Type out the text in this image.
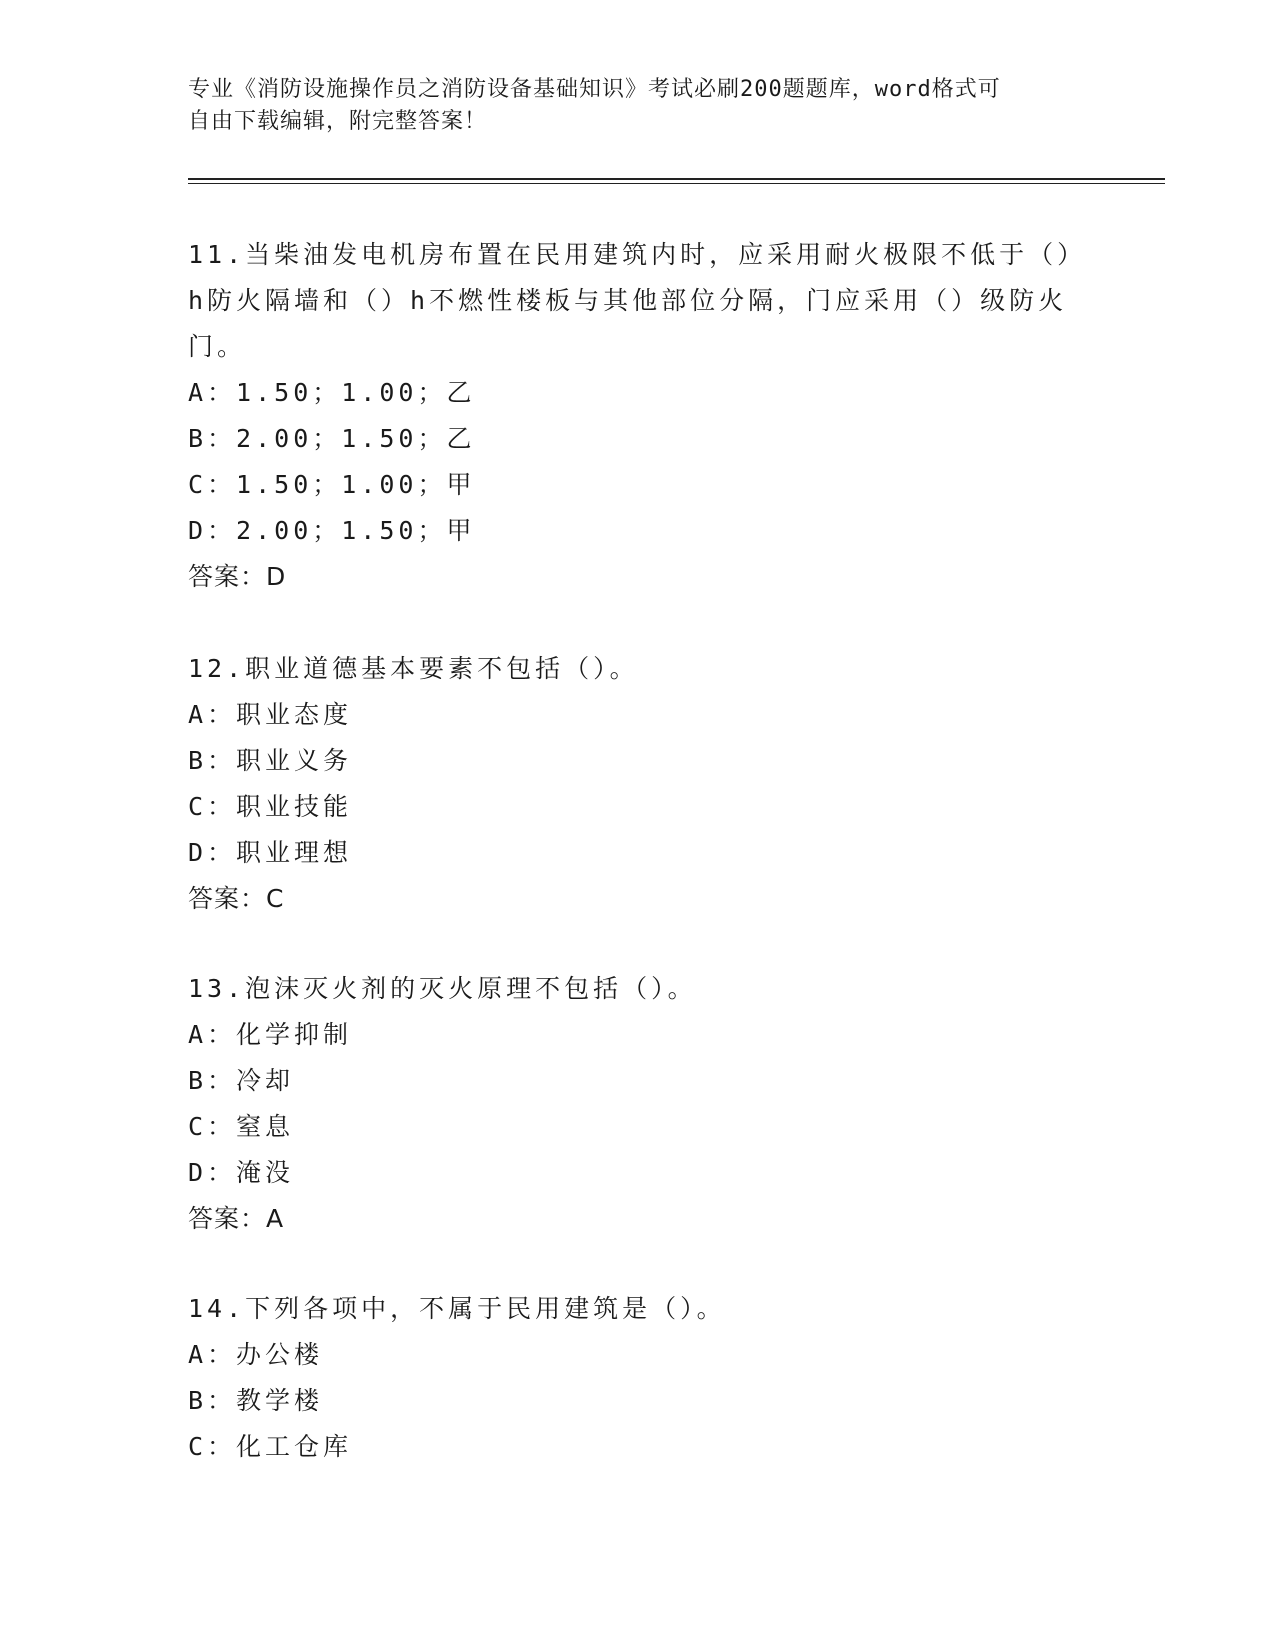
专业《消防设施操作员之消防设备基础知识》考试必刷200题题库，word格式可
自由下载编辑，附完整答案！
11.当柴油发电机房布置在民用建筑内时，应采用耐火极限不低于（）
h防火隔墙和（）h不燃性楼板与其他部位分隔，门应采用（）级防火
门。
A：1.50；1.00；乙
B：2.00；1.50；乙
C：1.50；1.00；甲
D：2.00；1.50；甲
答案：D
12.职业道德基本要素不包括（）。
A：职业态度
B：职业义务
C：职业技能
D：职业理想
答案：C
13.泡沫灭火剂的灭火原理不包括（）。
A：化学抑制
B：冷却
C：窒息
D：淹没
答案：A
14.下列各项中，不属于民用建筑是（）。
A：办公楼
B：教学楼
C：化工仓库
